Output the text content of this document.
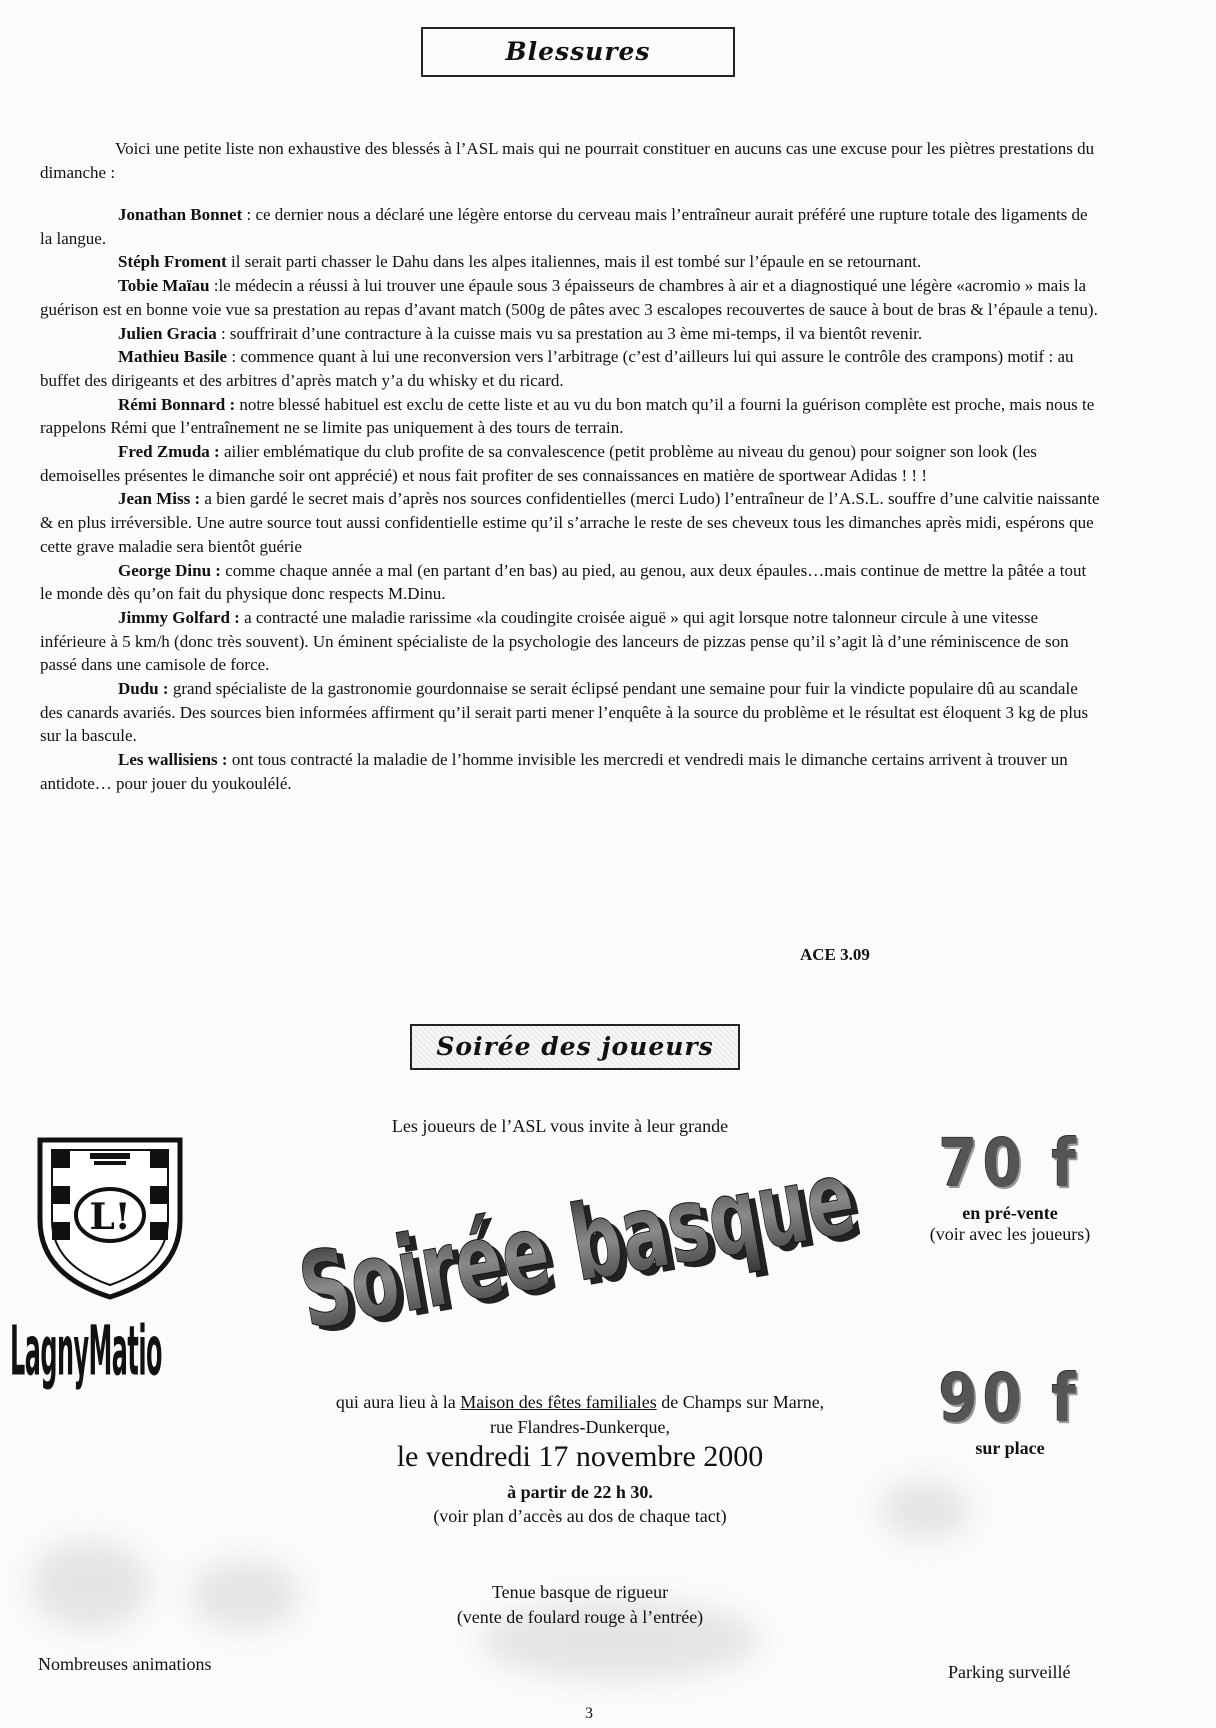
Blessures
Voici une petite liste non exhaustive des blessés à l’ASL mais qui ne pourrait constituer en aucuns cas une excuse pour les piètres prestations du dimanche :

Jonathan Bonnet : ce dernier nous a déclaré une légère entorse du cerveau mais l’entraîneur aurait préféré une rupture totale des ligaments de la langue.

Stéph Froment il serait parti chasser le Dahu dans les alpes italiennes, mais il est tombé sur l’épaule en se retournant.

Tobie Maïau :le médecin a réussi à lui trouver une épaule sous 3 épaisseurs de chambres à air et a diagnostiqué une légère «acromio » mais la guérison est en bonne voie vue sa prestation au repas d’avant match (500g de pâtes avec 3 escalopes recouvertes de sauce à bout de bras & l’épaule a tenu).

Julien Gracia : souffrirait d’une contracture à la cuisse mais vu sa prestation au 3 ème mi-temps, il va bientôt revenir.

Mathieu Basile : commence quant à lui une reconversion vers l’arbitrage (c’est d’ailleurs lui qui assure le contrôle des crampons) motif : au buffet des dirigeants et des arbitres d’après match y’a du whisky et du ricard.

Rémi Bonnard : notre blessé habituel est exclu de cette liste et au vu du bon match qu’il a fourni la guérison complète est proche, mais nous te rappelons Rémi que l’entraînement ne se limite pas uniquement à des tours de terrain.

Fred Zmuda : ailier emblématique du club profite de sa convalescence (petit problème au niveau du genou) pour soigner son look (les demoiselles présentes le dimanche soir ont apprécié) et nous fait profiter de ses connaissances en matière de sportwear Adidas ! ! !

Jean Miss : a bien gardé le secret mais d’après nos sources confidentielles (merci Ludo) l’entraîneur de l’A.S.L. souffre d’une calvitie naissante & en plus irréversible. Une autre source tout aussi confidentielle estime qu’il s’arrache le reste de ses cheveux tous les dimanches après midi, espérons que cette grave maladie sera bientôt guérie

George Dinu : comme chaque année a mal (en partant d’en bas) au pied, au genou, aux deux épaules…mais continue de mettre la pâtée a tout le monde dès qu’on fait du physique donc respects M.Dinu.

Jimmy Golfard : a contracté une maladie rarissime «la coudingite croisée aiguë » qui agit lorsque notre talonneur circule à une vitesse inférieure à 5 km/h (donc très souvent). Un éminent spécialiste de la psychologie des lanceurs de pizzas pense qu’il s’agit là d’une réminiscence de son passé dans une camisole de force.

Dudu : grand spécialiste de la gastronomie gourdonnaise se serait éclipsé pendant une semaine pour fuir la vindicte populaire dû au scandale des canards avariés. Des sources bien informées affirment qu’il serait parti mener l’enquête à la source du problème et le résultat est éloquent 3 kg de plus sur la bascule.

Les wallisiens : ont tous contracté la maladie de l’homme invisible les mercredi et vendredi mais le dimanche certains arrivent à trouver un antidote… pour jouer du youkoulélé.

ACE 3.09
Soirée des joueurs
Les joueurs de l’ASL vous invite à leur grande
Soirée basque
Soirée basque
qui aura lieu à la Maison des fêtes familiales de Champs sur Marne,
rue Flandres-Dunkerque,
le vendredi 17 novembre 2000
à partir de 22 h 30.
(voir plan d’accès au dos de chaque tact)
Tenue basque de rigueur
(vente de foulard rouge à l’entrée)
70 f
en pré-vente
(voir avec les joueurs)
90 f
sur place
L!
LagnyMatio
Nombreuses animations	Parking surveillé
3
